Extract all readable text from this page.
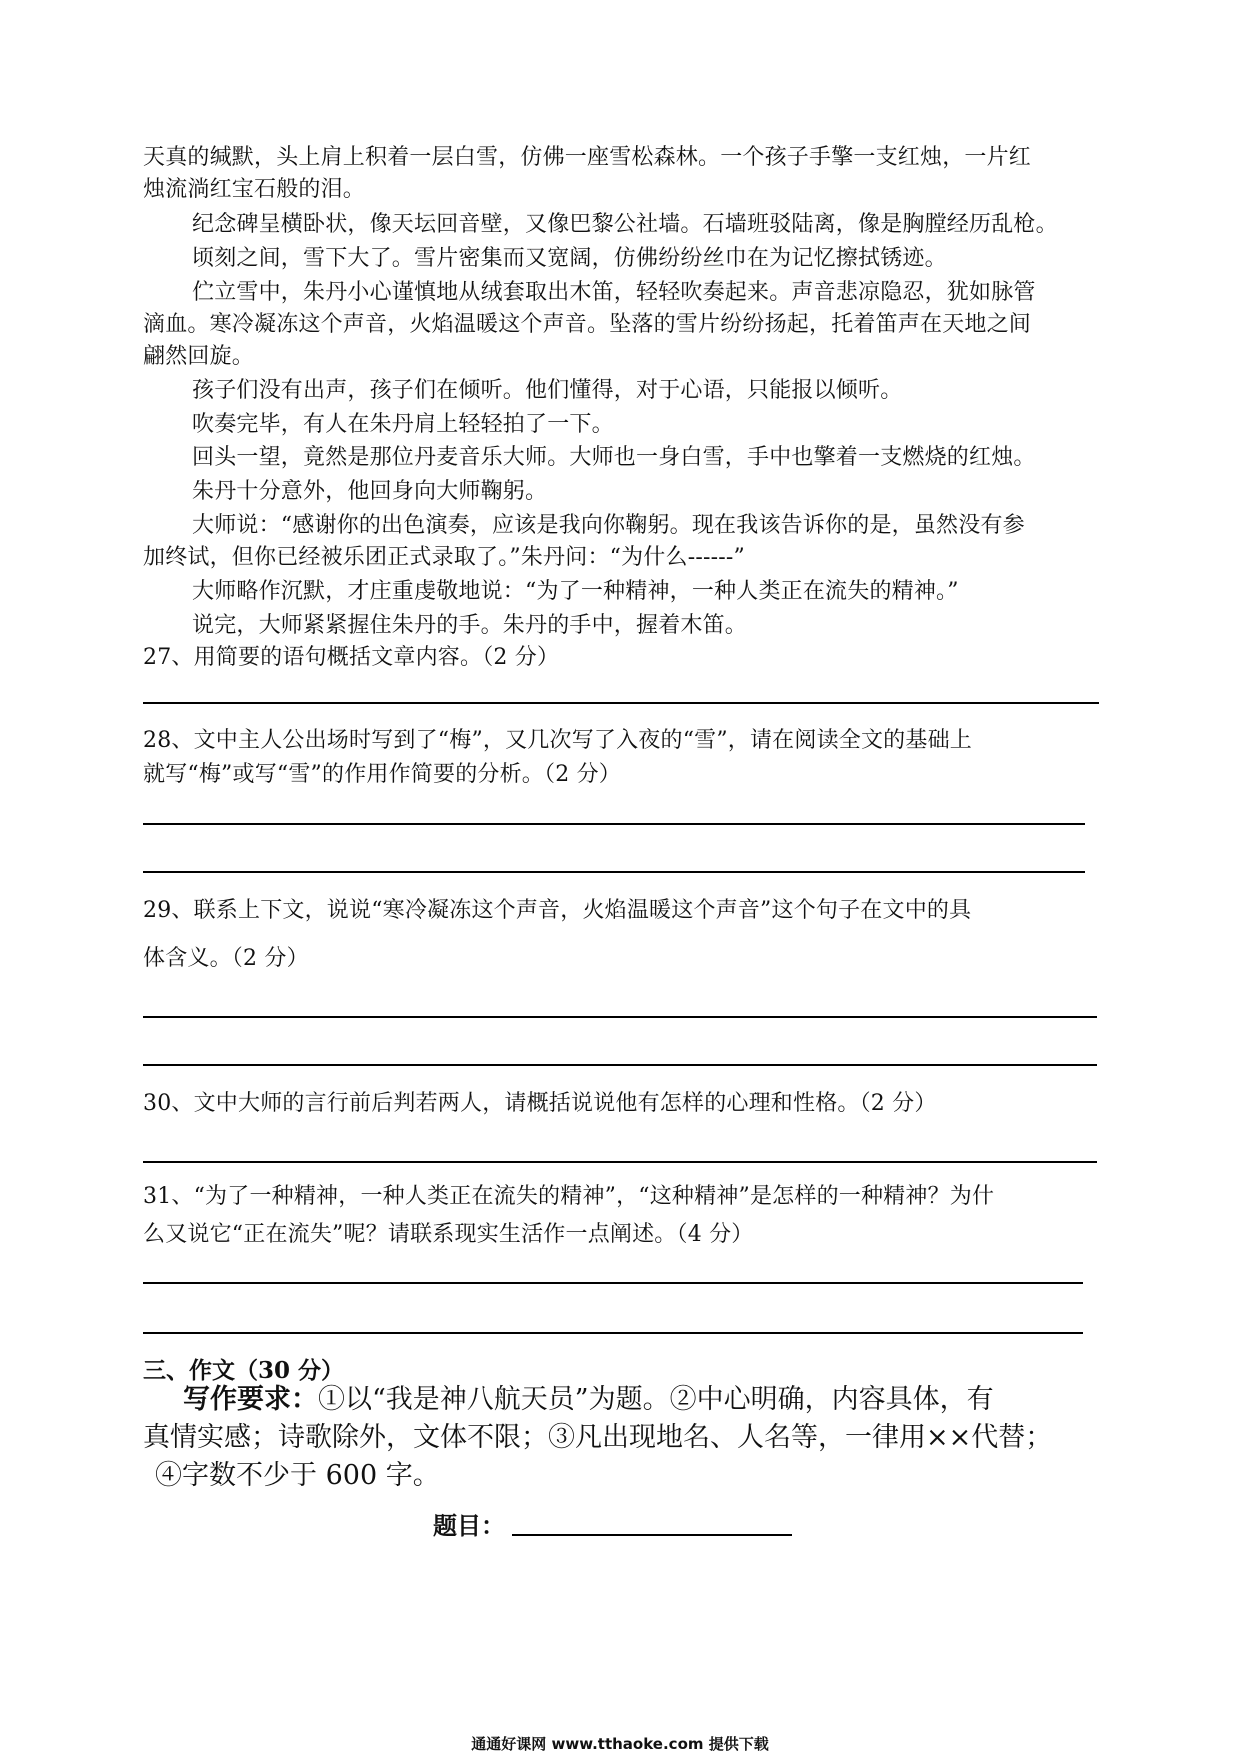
天真的缄默，头上肩上积着一层白雪，仿佛一座雪松森林。一个孩子手擎一支红烛，一片红
烛流淌红宝石般的泪。
纪念碑呈横卧状，像天坛回音壁，又像巴黎公社墙。石墙班驳陆离，像是胸膛经历乱枪。
顷刻之间，雪下大了。雪片密集而又宽阔，仿佛纷纷丝巾在为记忆擦拭锈迹。
伫立雪中，朱丹小心谨慎地从绒套取出木笛，轻轻吹奏起来。声音悲凉隐忍，犹如脉管
滴血。寒冷凝冻这个声音，火焰温暖这个声音。坠落的雪片纷纷扬起，托着笛声在天地之间
翩然回旋。
孩子们没有出声，孩子们在倾听。他们懂得，对于心语，只能报以倾听。
吹奏完毕，有人在朱丹肩上轻轻拍了一下。
回头一望，竟然是那位丹麦音乐大师。大师也一身白雪，手中也擎着一支燃烧的红烛。
朱丹十分意外，他回身向大师鞠躬。
大师说：“感谢你的出色演奏，应该是我向你鞠躬。现在我该告诉你的是，虽然没有参
加终试，但你已经被乐团正式录取了。”朱丹问：“为什么------”
大师略作沉默，才庄重虔敬地说：“为了一种精神，一种人类正在流失的精神。”
说完，大师紧紧握住朱丹的手。朱丹的手中，握着木笛。
27、用简要的语句概括文章内容。（2 分）
28、文中主人公出场时写到了“梅”，又几次写了入夜的“雪”，请在阅读全文的基础上
就写“梅”或写“雪”的作用作简要的分析。（2 分）
29、联系上下文，说说“寒冷凝冻这个声音，火焰温暖这个声音”这个句子在文中的具
体含义。（2 分）
30、文中大师的言行前后判若两人，请概括说说他有怎样的心理和性格。（2 分）
31、“为了一种精神，一种人类正在流失的精神”，“这种精神”是怎样的一种精神？为什
么又说它“正在流失”呢？请联系现实生活作一点阐述。（4 分）
三、作文（30 分）
写作要求：①以“我是神八航天员”为题。②中心明确，内容具体，有
真情实感；诗歌除外，文体不限；③凡出现地名、人名等，一律用××代替；
④字数不少于 600 字。
题目：
通通好课网 www.tthaoke.com 提供下载
